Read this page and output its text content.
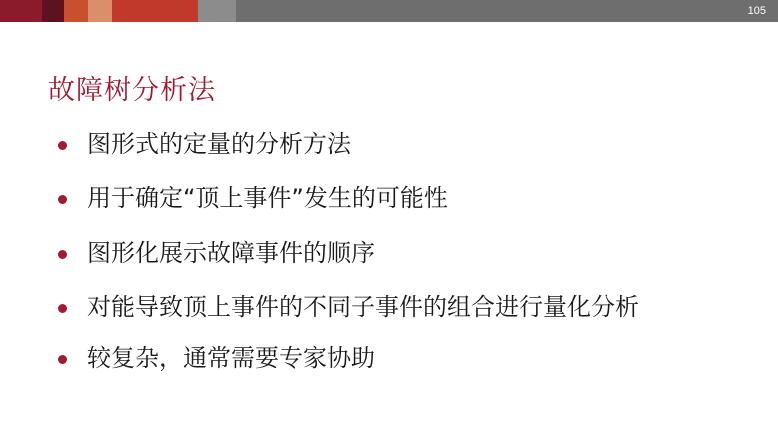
105
故障树分析法
图形式的定量的分析方法
用于确定“顶上事件”发生的可能性
图形化展示故障事件的顺序
对能导致顶上事件的不同子事件的组合进行量化分析
较复杂，通常需要专家协助
